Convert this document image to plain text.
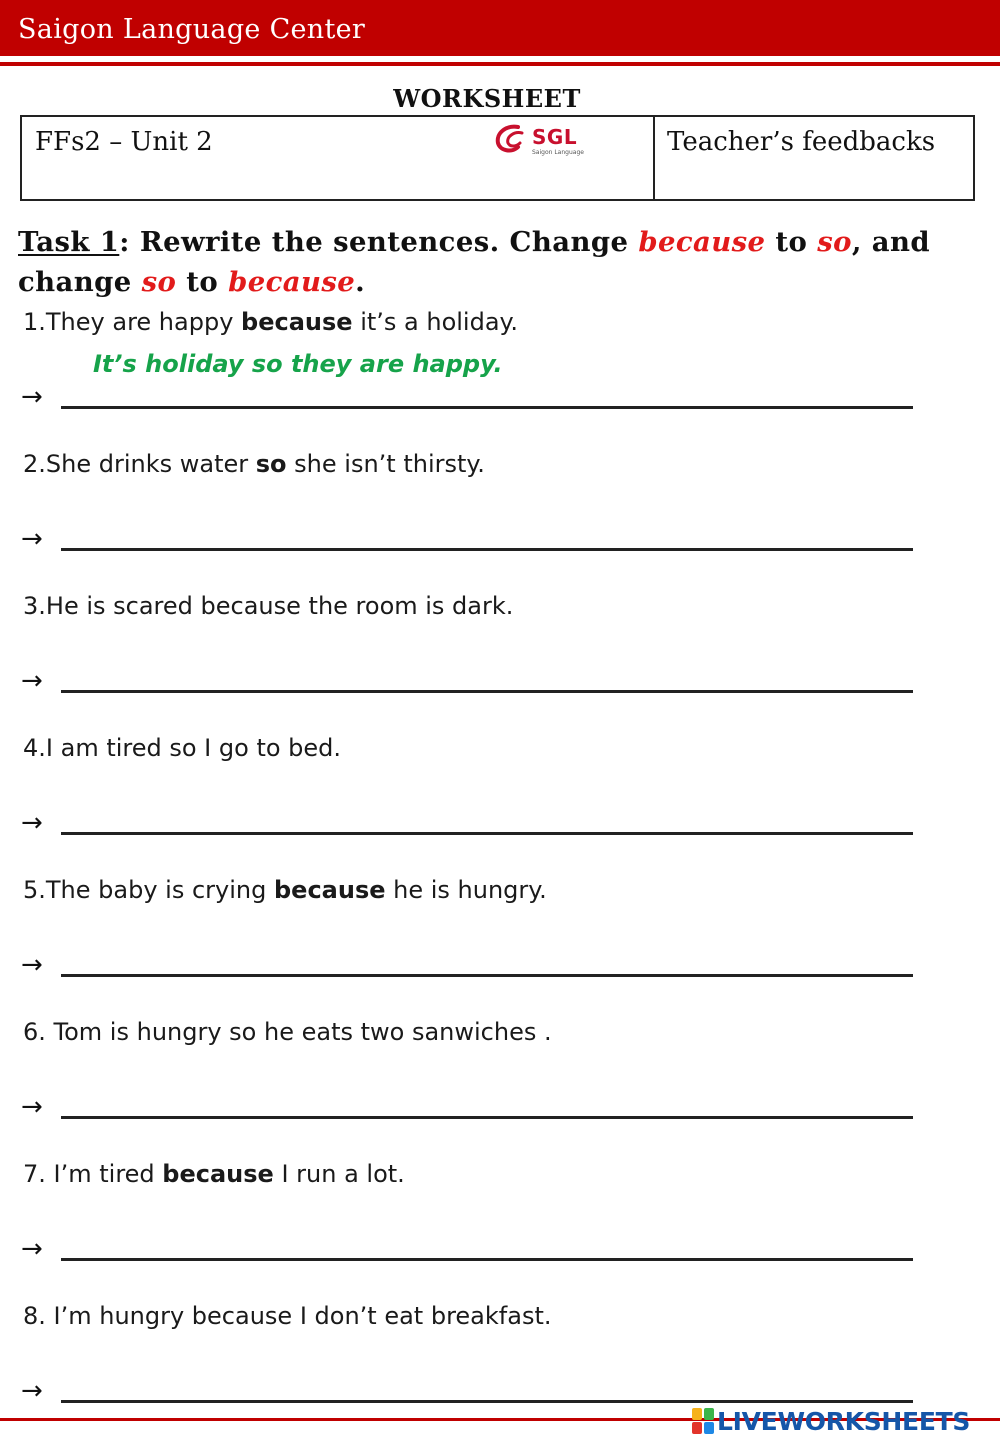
Saigon Language Center
WORKSHEET
FFs2 – Unit 2	SGL
Saigon Language	Teacher’s feedbacks
Task 1: Rewrite the sentences. Change because to so, and change so to because.
1.They are happy because it’s a holiday.
→
It’s holiday so they are happy.
2.She drinks water so she isn’t thirsty.
→
3.He is scared because the room is dark.
→
4.I am tired so I go to bed.
→
5.The baby is crying because he is hungry.
→
6. Tom is hungry so he eats two sanwiches .
→
7. I’m tired because I run a lot.
→
8. I’m hungry because I don’t eat breakfast.
→
LIVEWORKSHEETS
